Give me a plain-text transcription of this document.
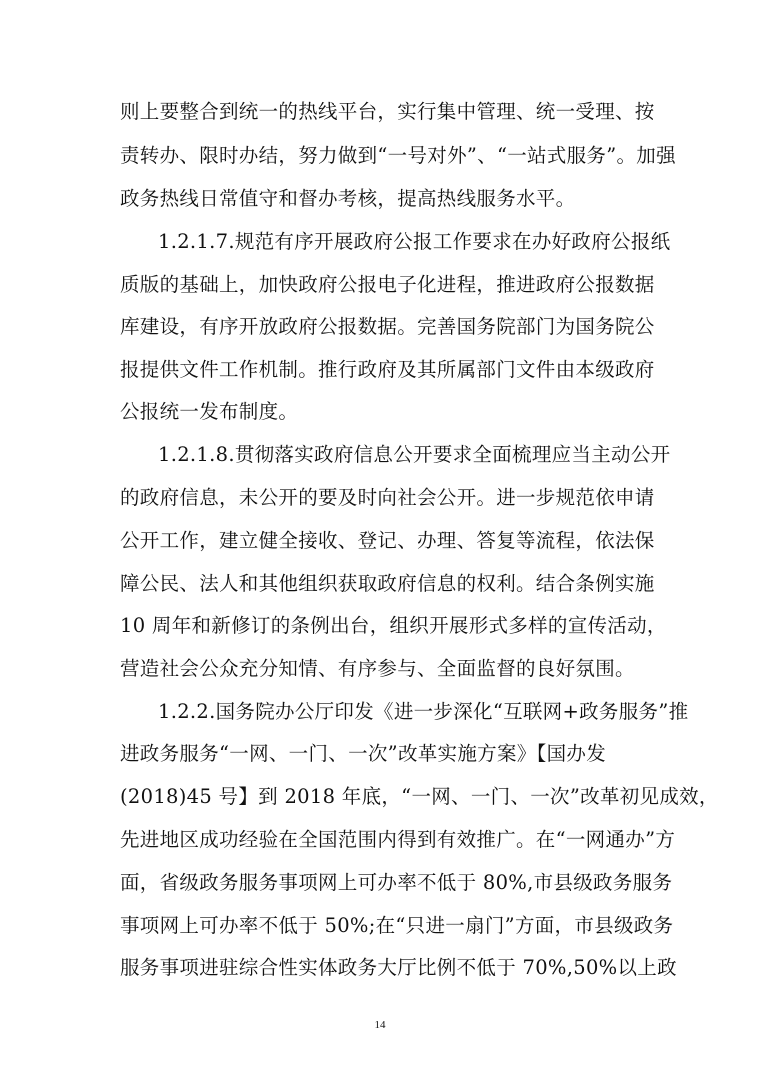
则上要整合到统一的热线平台，实行集中管理、统一受理、按
责转办、限时办结，努力做到“一号对外”、“一站式服务”。加强
政务热线日常值守和督办考核，提高热线服务水平。
1.2.1.7.规范有序开展政府公报工作要求在办好政府公报纸
质版的基础上，加快政府公报电子化进程，推进政府公报数据
库建设，有序开放政府公报数据。完善国务院部门为国务院公
报提供文件工作机制。推行政府及其所属部门文件由本级政府
公报统一发布制度。
1.2.1.8.贯彻落实政府信息公开要求全面梳理应当主动公开
的政府信息，未公开的要及时向社会公开。进一步规范依申请
公开工作，建立健全接收、登记、办理、答复等流程，依法保
障公民、法人和其他组织获取政府信息的权利。结合条例实施
10 周年和新修订的条例出台，组织开展形式多样的宣传活动，
营造社会公众充分知情、有序参与、全面监督的良好氛围。
1.2.2.国务院办公厅印发《进一步深化“互联网+政务服务”推
进政务服务“一网、一门、一次”改革实施方案》【国办发
(2018)45 号】到 2018 年底，“一网、一门、一次”改革初见成效，
先进地区成功经验在全国范围内得到有效推广。在“一网通办”方
面，省级政务服务事项网上可办率不低于 80%,市县级政务服务
事项网上可办率不低于 50%;在“只进一扇门”方面，市县级政务
服务事项进驻综合性实体政务大厅比例不低于 70%,50%以上政
14
